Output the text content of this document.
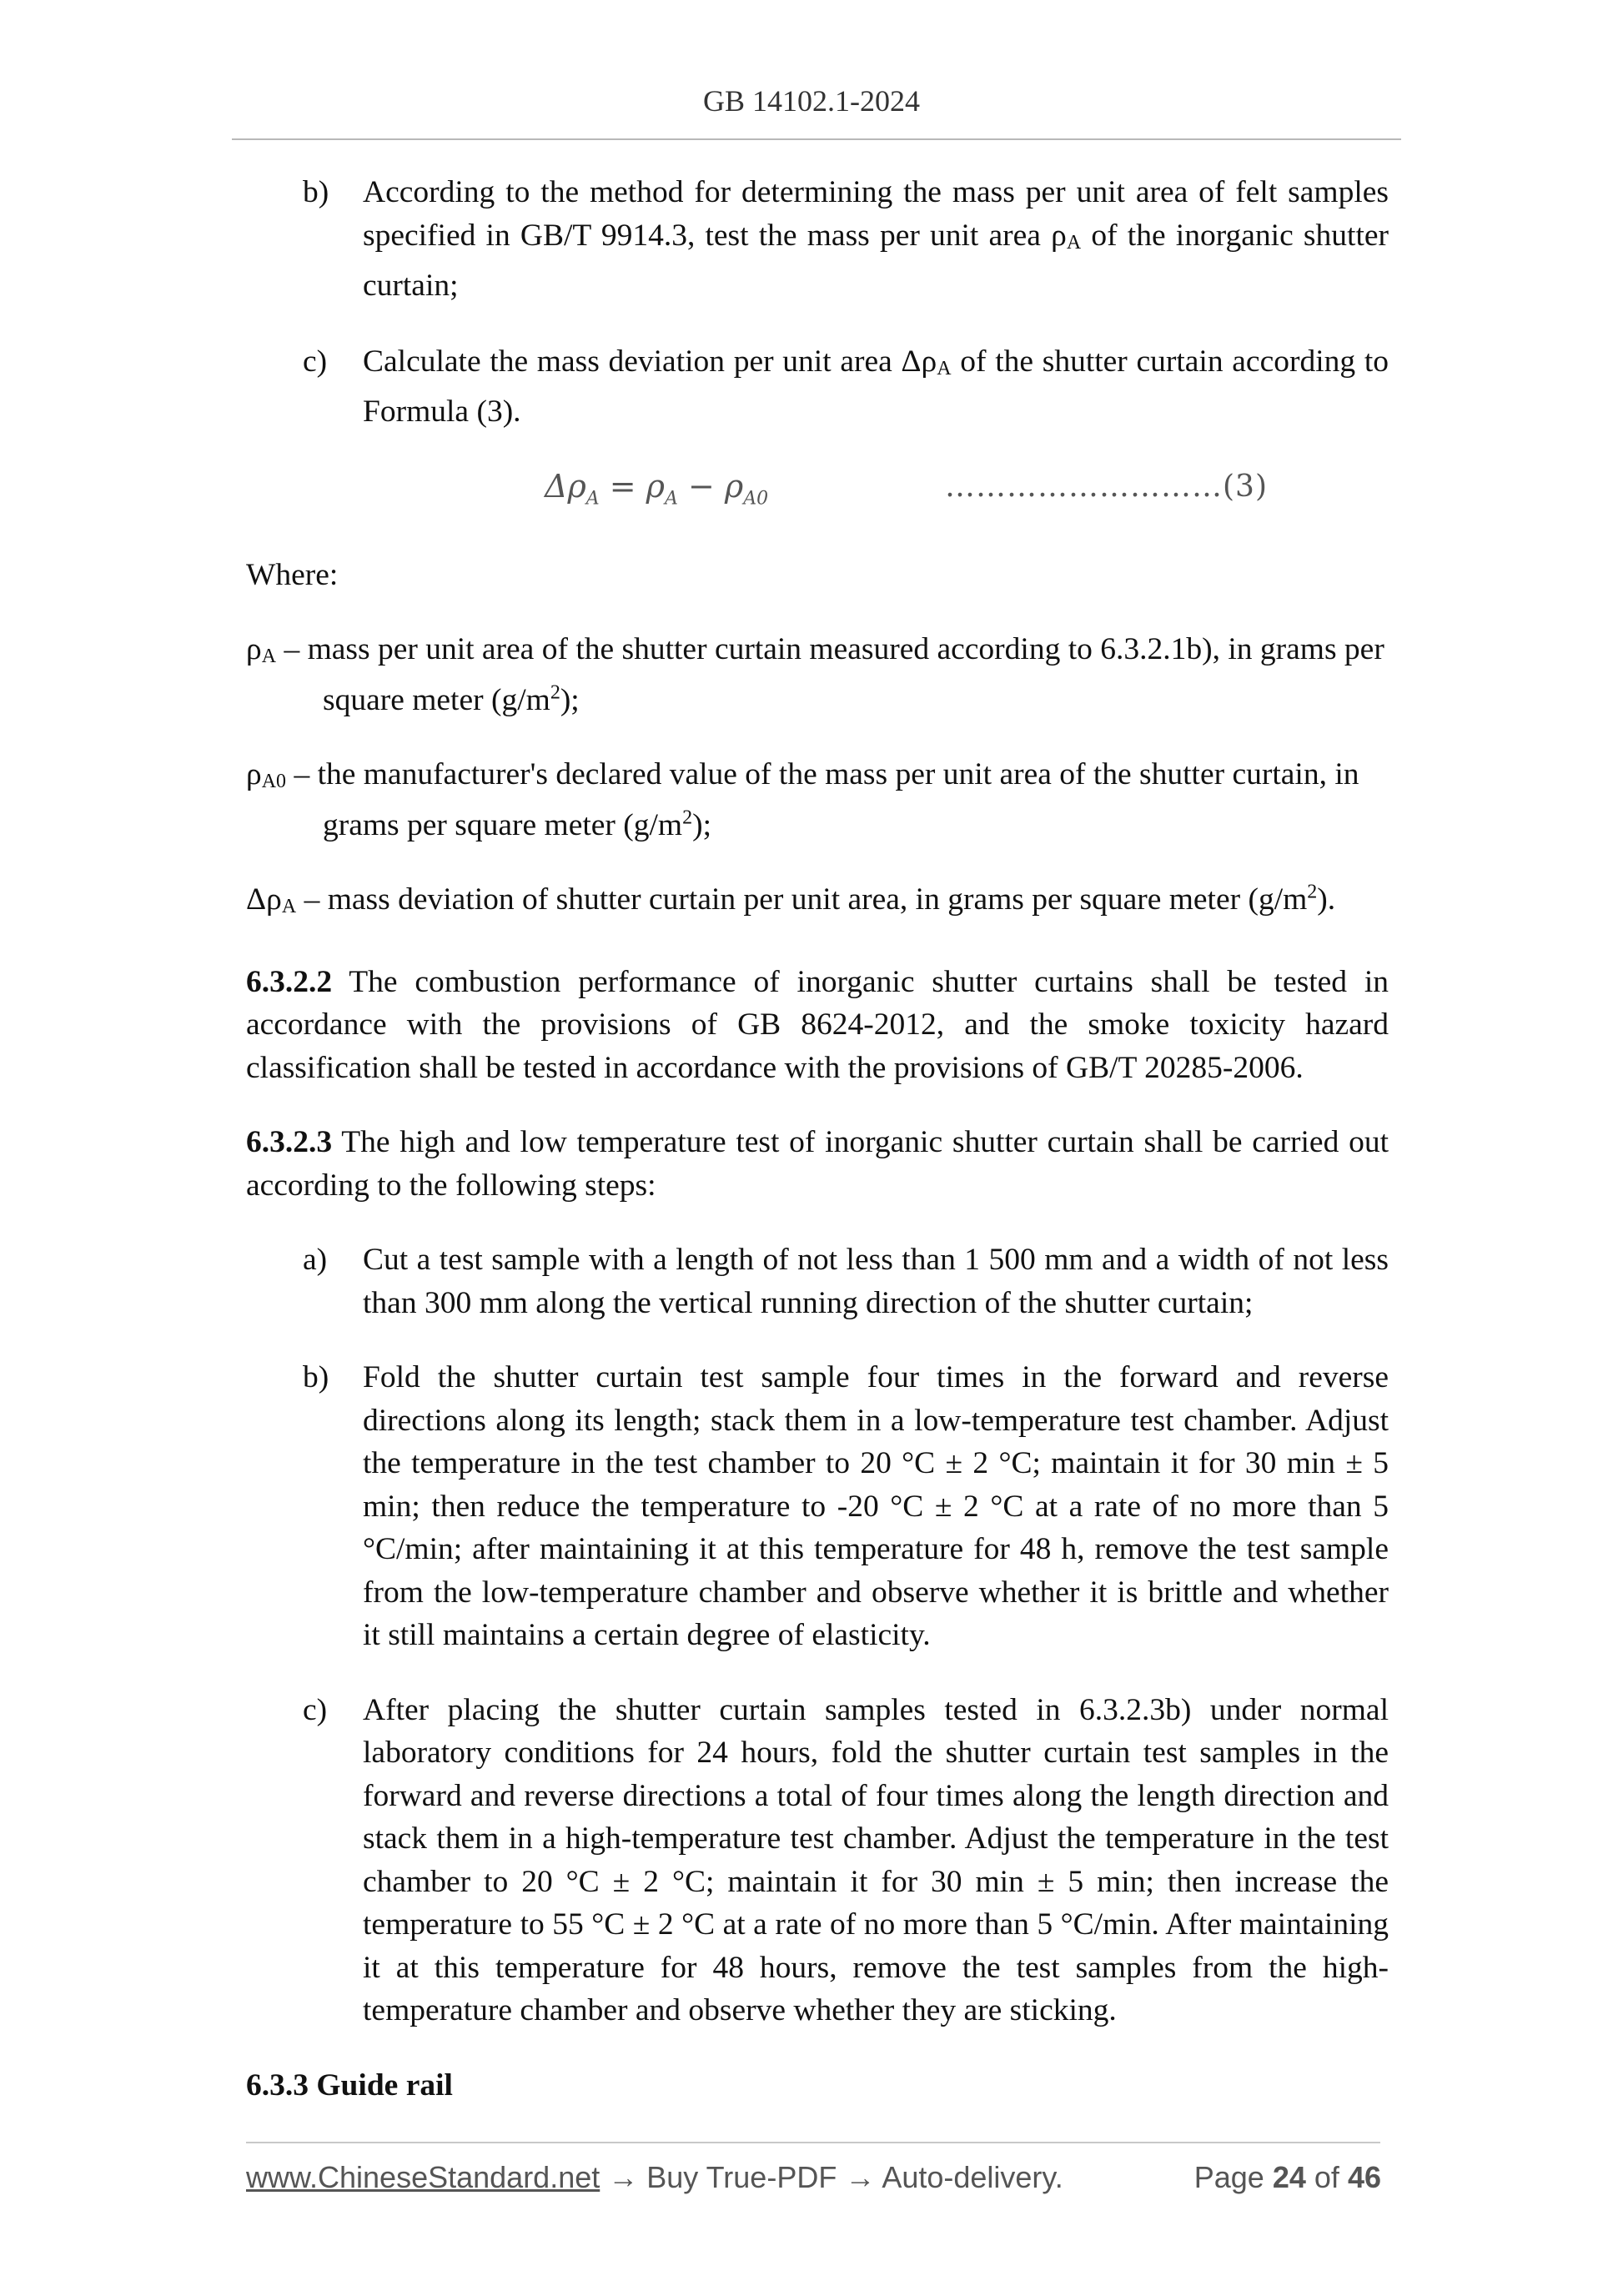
GB 14102.1-2024

b) According to the method for determining the mass per unit area of felt samples specified in GB/T 9914.3, test the mass per unit area ρA of the inorganic shutter curtain;

c) Calculate the mass deviation per unit area ΔρA of the shutter curtain according to Formula (3).

$\Delta\rho_A = \rho_A - \rho_{A0}$	………………………(3)

Where:

ρA – mass per unit area of the shutter curtain measured according to 6.3.2.1b), in grams per square meter $(g/m^2)$;

ρA0 – the manufacturer's declared value of the mass per unit area of the shutter curtain, in grams per square meter $(g/m^2)$;

ΔρA – mass deviation of shutter curtain per unit area, in grams per square meter $(g/m^2)$.

6.3.2.2 The combustion performance of inorganic shutter curtains shall be tested in accordance with the provisions of GB 8624-2012, and the smoke toxicity hazard classification shall be tested in accordance with the provisions of GB/T 20285-2006.

6.3.2.3 The high and low temperature test of inorganic shutter curtain shall be carried out according to the following steps:

a) Cut a test sample with a length of not less than 1 500 mm and a width of not less than 300 mm along the vertical running direction of the shutter curtain;

b) Fold the shutter curtain test sample four times in the forward and reverse directions along its length; stack them in a low-temperature test chamber. Adjust the temperature in the test chamber to 20 °C ± 2 °C; maintain it for 30 min ± 5 min; then reduce the temperature to -20 °C ± 2 °C at a rate of no more than 5 °C/min; after maintaining it at this temperature for 48 h, remove the test sample from the low-temperature chamber and observe whether it is brittle and whether it still maintains a certain degree of elasticity.

c) After placing the shutter curtain samples tested in 6.3.2.3b) under normal laboratory conditions for 24 hours, fold the shutter curtain test samples in the forward and reverse directions a total of four times along the length direction and stack them in a high-temperature test chamber. Adjust the temperature in the test chamber to 20 °C ± 2 °C; maintain it for 30 min ± 5 min; then increase the temperature to 55 °C ± 2 °C at a rate of no more than 5 °C/min. After maintaining it at this temperature for 48 hours, remove the test samples from the high-temperature chamber and observe whether they are sticking.

6.3.3 Guide rail

www.ChineseStandard.net → Buy True-PDF → Auto-delivery.	Page 24 of 46
